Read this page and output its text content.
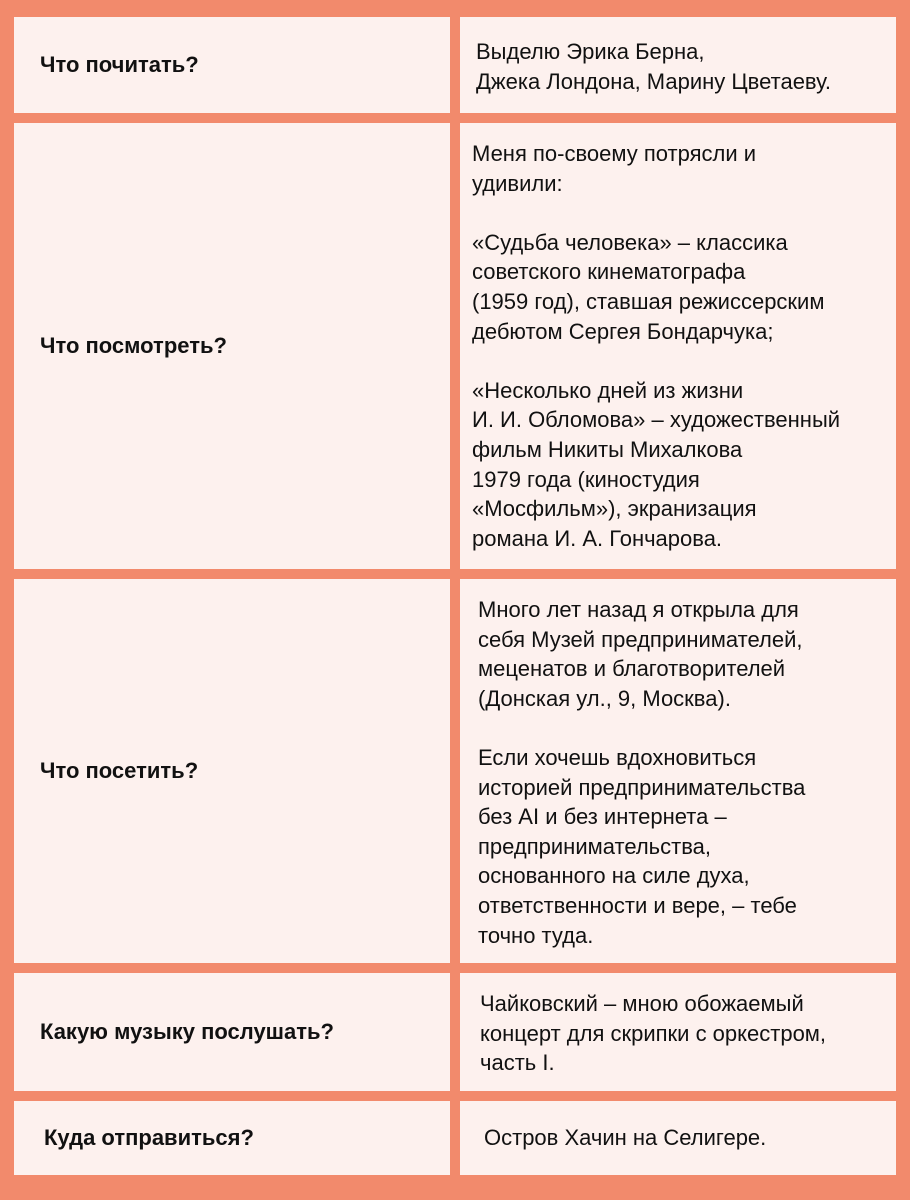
Что почитать?

Выделю Эрика Берна,
Джека Лондона, Марину Цветаеву.

Что посмотреть?

Меня по-своему потрясли и
удивили:

«Судьба человека» – классика
советского кинематографа
(1959 год), ставшая режиссерским
дебютом Сергея Бондарчука;

«Несколько дней из жизни
И. И. Обломова» – художественный
фильм Никиты Михалкова
1979 года (киностудия
«Мосфильм»), экранизация
романа И. А. Гончарова.

Что посетить?

Много лет назад я открыла для
себя Музей предпринимателей,
меценатов и благотворителей
(Донская ул., 9, Москва).

Если хочешь вдохновиться
историей предпринимательства
без AI и без интернета –
предпринимательства,
основанного на силе духа,
ответственности и вере, – тебе
точно туда.

Какую музыку послушать?

Чайковский – мною обожаемый
концерт для скрипки с оркестром,
часть I.

Куда отправиться?	Остров Хачин на Селигере.
